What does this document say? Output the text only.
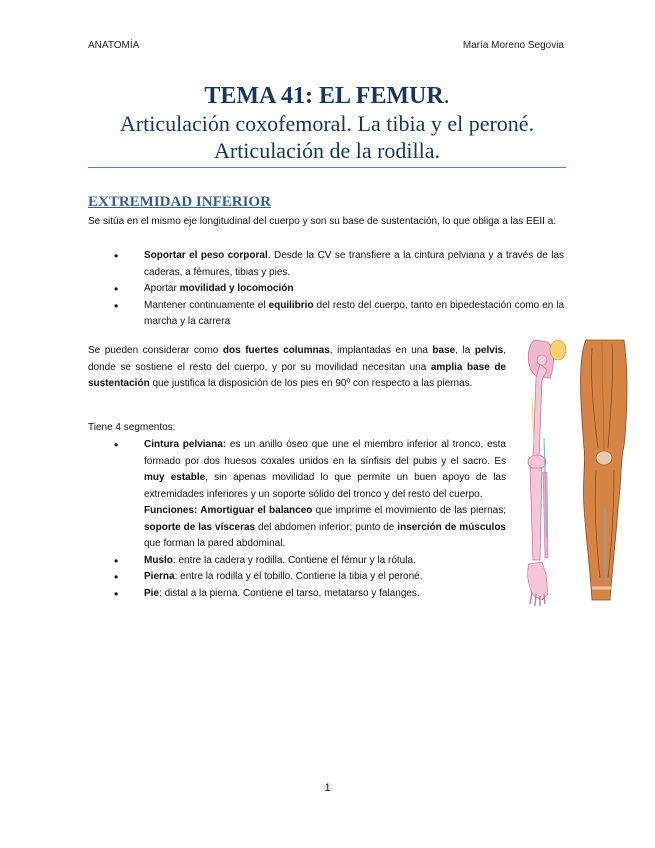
ANATOMÍA	María Moreno Segovia
TEMA 41: EL FEMUR.
Articulación coxofemoral. La tibia y el peroné.
Articulación de la rodilla.
EXTREMIDAD INFERIOR
Se sitúa en el mismo eje longitudinal del cuerpo y son su base de sustentación, lo que obliga a las EEII a:
•	Soportar el peso corporal. Desde la CV se transfiere a la cintura pelviana y a través de las caderas, a fémures, tibias y pies.
•	Aportar movilidad y locomoción
•	Mantener continuamente el equilibrio del resto del cuerpo, tanto en bipedestación como en la marcha y la carrera
Se pueden considerar como dos fuertes columnas, implantadas en una base, la pelvis, donde se sostiene el resto del cuerpo, y por su movilidad necesitan una amplia base de sustentación que justifica la disposición de los pies en 90º con respecto a las piernas.
Tiene 4 segmentos:
•	Cintura pelviana: es un anillo óseo que une el miembro inferior al tronco, esta formado por dos huesos coxales unidos en la sínfisis del pubis y el sacro. Es muy estable, sin apenas movilidad lo que permite un buen apoyo de las extremidades inferiores y un soporte sólido del tronco y del resto del cuerpo.
Funciones: Amortiguar el balanceo que imprime el movimiento de las piernas; soporte de las vísceras del abdomen inferior; punto de inserción de músculos que forman la pared abdominal.
•	Muslo: entre la cadera y rodilla. Contiene el fémur y la rótula.
•	Pierna: entre la rodilla y el tobillo. Contiene la tibia y el peroné.
•	Pie: distal a la pierna. Contiene el tarso, metatarso y falanges.
1
